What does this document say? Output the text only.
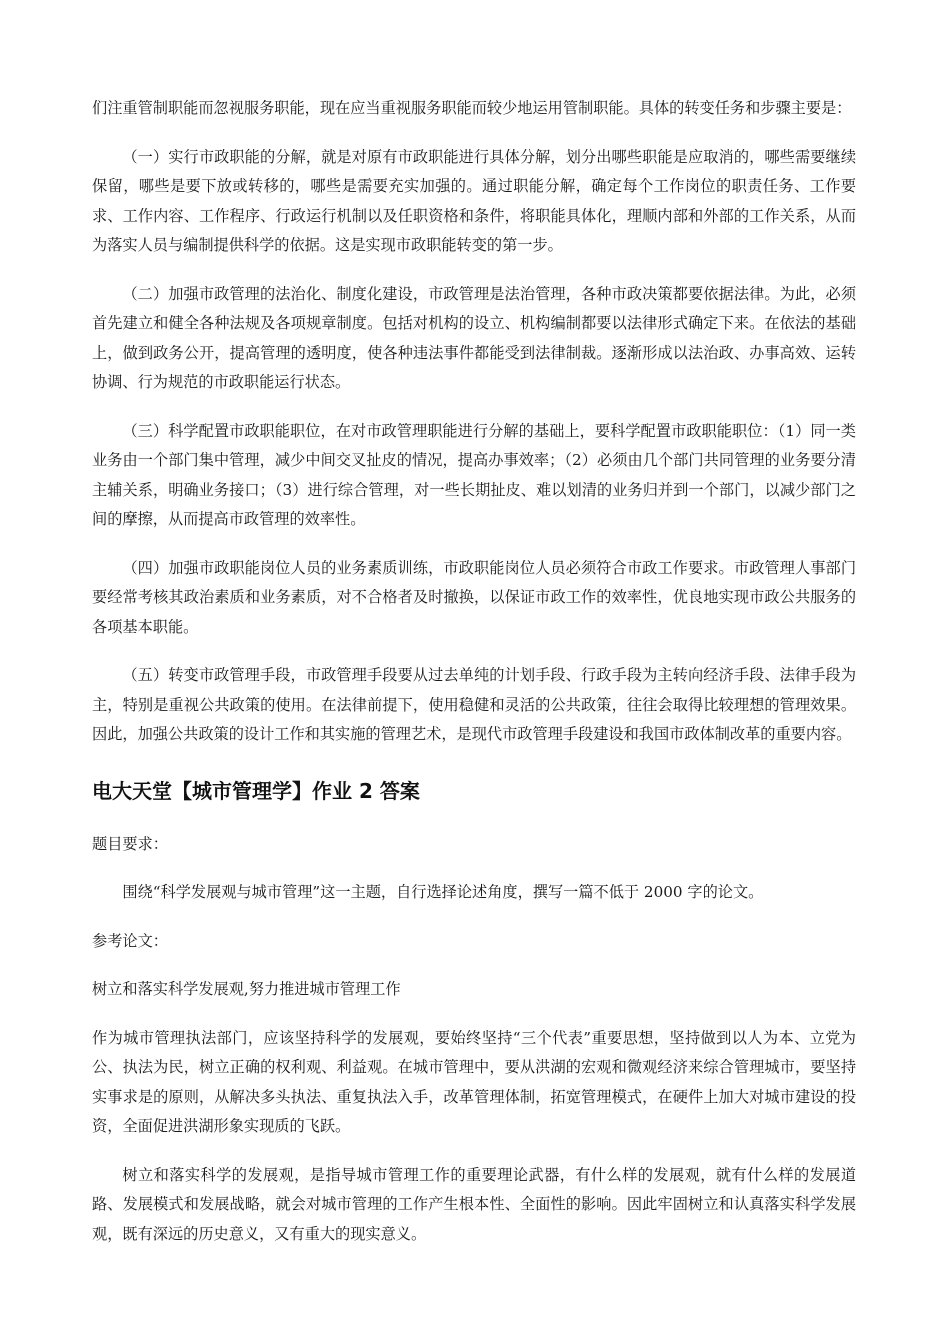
们注重管制职能而忽视服务职能，现在应当重视服务职能而较少地运用管制职能。具体的转变任务和步骤主要是：

（一）实行市政职能的分解，就是对原有市政职能进行具体分解，划分出哪些职能是应取消的，哪些需要继续保留，哪些是要下放或转移的，哪些是需要充实加强的。通过职能分解，确定每个工作岗位的职责任务、工作要求、工作内容、工作程序、行政运行机制以及任职资格和条件，将职能具体化，理顺内部和外部的工作关系，从而为落实人员与编制提供科学的依据。这是实现市政职能转变的第一步。

（二）加强市政管理的法治化、制度化建设，市政管理是法治管理，各种市政决策都要依据法律。为此，必须首先建立和健全各种法规及各项规章制度。包括对机构的设立、机构编制都要以法律形式确定下来。在依法的基础上，做到政务公开，提高管理的透明度，使各种违法事件都能受到法律制裁。逐渐形成以法治政、办事高效、运转协调、行为规范的市政职能运行状态。

（三）科学配置市政职能职位，在对市政管理职能进行分解的基础上，要科学配置市政职能职位：（1）同一类业务由一个部门集中管理，减少中间交叉扯皮的情况，提高办事效率；（2）必须由几个部门共同管理的业务要分清主辅关系，明确业务接口；（3）进行综合管理，对一些长期扯皮、难以划清的业务归并到一个部门，以减少部门之间的摩擦，从而提高市政管理的效率性。

（四）加强市政职能岗位人员的业务素质训练，市政职能岗位人员必须符合市政工作要求。市政管理人事部门要经常考核其政治素质和业务素质，对不合格者及时撤换，以保证市政工作的效率性，优良地实现市政公共服务的各项基本职能。

（五）转变市政管理手段，市政管理手段要从过去单纯的计划手段、行政手段为主转向经济手段、法律手段为主，特别是重视公共政策的使用。在法律前提下，使用稳健和灵活的公共政策，往往会取得比较理想的管理效果。因此，加强公共政策的设计工作和其实施的管理艺术，是现代市政管理手段建设和我国市政体制改革的重要内容。

电大天堂【城市管理学】作业 2 答案

题目要求：

围绕“科学发展观与城市管理”这一主题，自行选择论述角度，撰写一篇不低于 2000 字的论文。

参考论文：

树立和落实科学发展观,努力推进城市管理工作

作为城市管理执法部门，应该坚持科学的发展观，要始终坚持“三个代表”重要思想，坚持做到以人为本、立党为公、执法为民，树立正确的权利观、利益观。在城市管理中，要从洪湖的宏观和微观经济来综合管理城市，要坚持实事求是的原则，从解决多头执法、重复执法入手，改革管理体制，拓宽管理模式，在硬件上加大对城市建设的投资，全面促进洪湖形象实现质的飞跃。

树立和落实科学的发展观，是指导城市管理工作的重要理论武器，有什么样的发展观，就有什么样的发展道路、发展模式和发展战略，就会对城市管理的工作产生根本性、全面性的影响。因此牢固树立和认真落实科学发展观，既有深远的历史意义，又有重大的现实意义。
